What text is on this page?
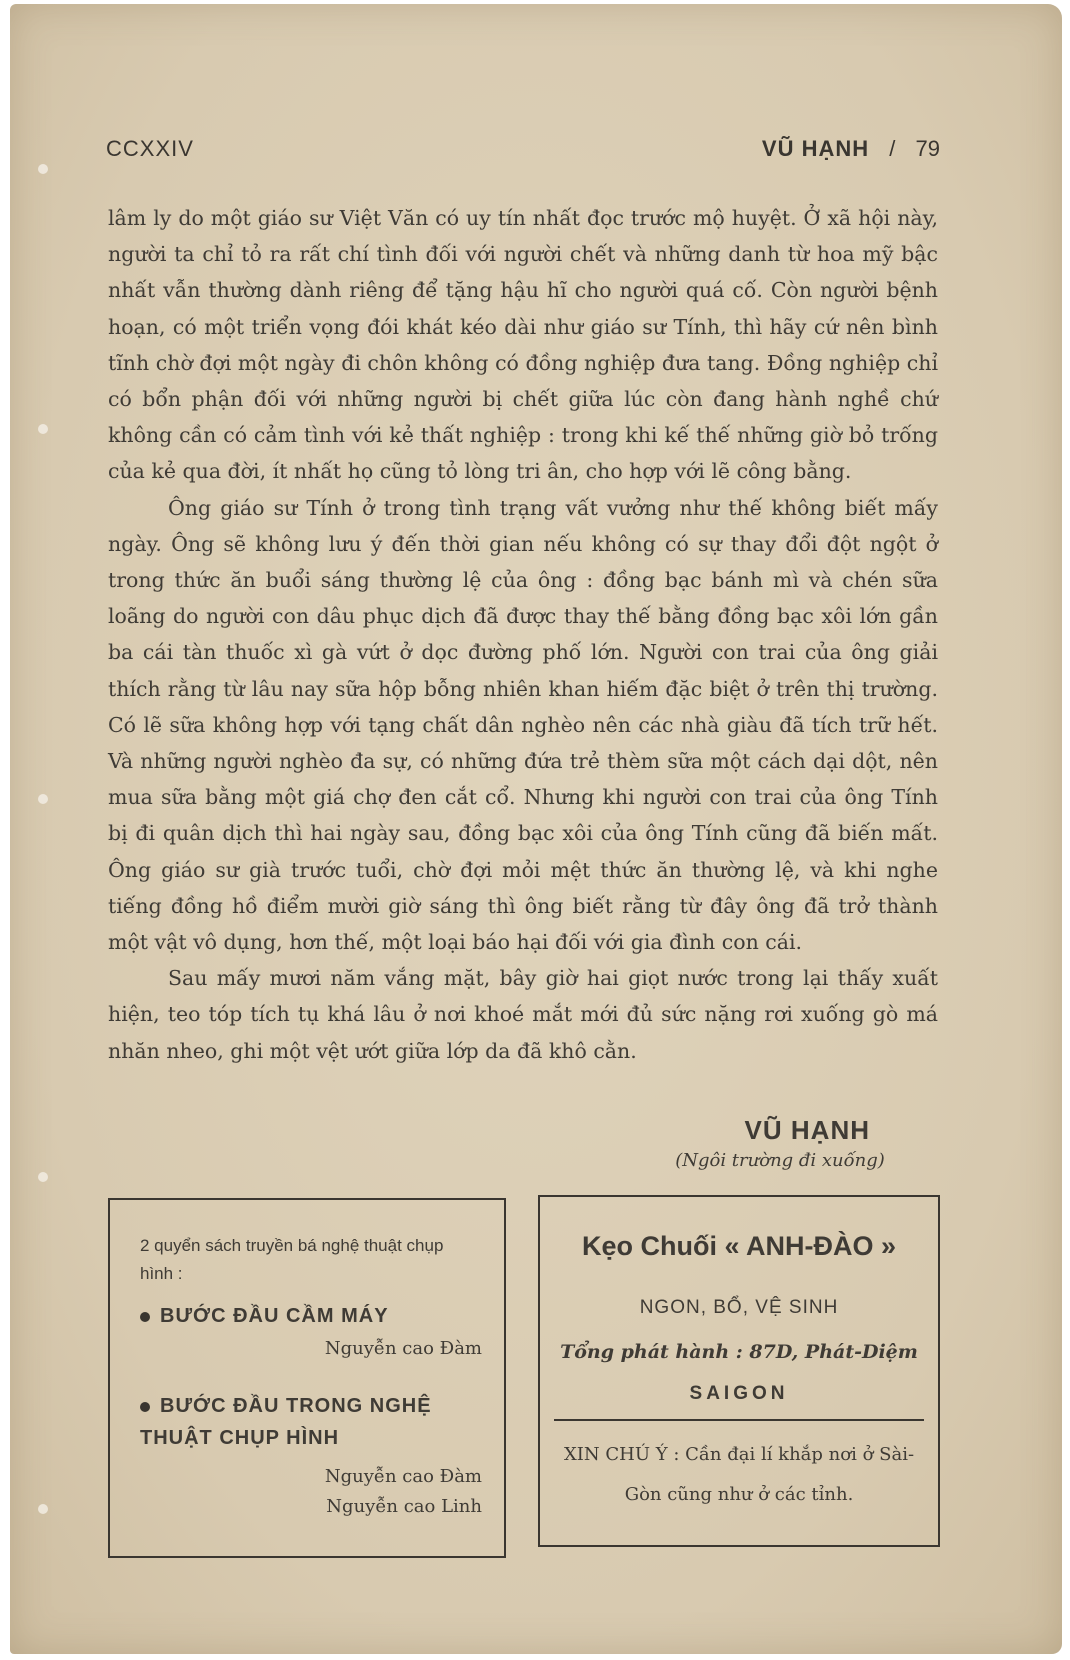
CCXXIV	VŨ HẠNH / 79

lâm ly do một giáo sư Việt Văn có uy tín nhất đọc trước mộ huyệt. Ở xã hội này, người ta chỉ tỏ ra rất chí tình đối với người chết và những danh từ hoa mỹ bậc nhất vẫn thường dành riêng để tặng hậu hĩ cho người quá cố. Còn người bệnh hoạn, có một triển vọng đói khát kéo dài như giáo sư Tính, thì hãy cứ nên bình tĩnh chờ đợi một ngày đi chôn không có đồng nghiệp đưa tang. Đồng nghiệp chỉ có bổn phận đối với những người bị chết giữa lúc còn đang hành nghề chứ không cần có cảm tình với kẻ thất nghiệp : trong khi kế thế những giờ bỏ trống của kẻ qua đời, ít nhất họ cũng tỏ lòng tri ân, cho hợp với lẽ công bằng.

Ông giáo sư Tính ở trong tình trạng vất vưởng như thế không biết mấy ngày. Ông sẽ không lưu ý đến thời gian nếu không có sự thay đổi đột ngột ở trong thức ăn buổi sáng thường lệ của ông : đồng bạc bánh mì và chén sữa loãng do người con dâu phục dịch đã được thay thế bằng đồng bạc xôi lớn gần ba cái tàn thuốc xì gà vứt ở dọc đường phố lớn. Người con trai của ông giải thích rằng từ lâu nay sữa hộp bỗng nhiên khan hiếm đặc biệt ở trên thị trường. Có lẽ sữa không hợp với tạng chất dân nghèo nên các nhà giàu đã tích trữ hết. Và những người nghèo đa sự, có những đứa trẻ thèm sữa một cách dại dột, nên mua sữa bằng một giá chợ đen cắt cổ. Nhưng khi người con trai của ông Tính bị đi quân dịch thì hai ngày sau, đồng bạc xôi của ông Tính cũng đã biến mất. Ông giáo sư già trước tuổi, chờ đợi mỏi mệt thức ăn thường lệ, và khi nghe tiếng đồng hồ điểm mười giờ sáng thì ông biết rằng từ đây ông đã trở thành một vật vô dụng, hơn thế, một loại báo hại đối với gia đình con cái.

Sau mấy mươi năm vắng mặt, bây giờ hai giọt nước trong lại thấy xuất hiện, teo tóp tích tụ khá lâu ở nơi khoé mắt mới đủ sức nặng rơi xuống gò má nhăn nheo, ghi một vệt ướt giữa lớp da đã khô cằn.

VŨ HẠNH
(Ngôi trường đi xuống)
2 quyển sách truyền bá nghệ thuật chụp hình :
BƯỚC ĐẦU CẦM MÁY
Nguyễn cao Đàm
BƯỚC ĐẦU TRONG NGHỆ THUẬT CHỤP HÌNH
Nguyễn cao Đàm
Nguyễn cao Linh
Kẹo Chuối « ANH-ĐÀO »
NGON, BỔ, VỆ SINH
Tổng phát hành : 87D, Phát-Diệm
SAIGON
XIN CHÚ Ý : Cần đại lí khắp nơi ở Sài-Gòn cũng như ở các tỉnh.
